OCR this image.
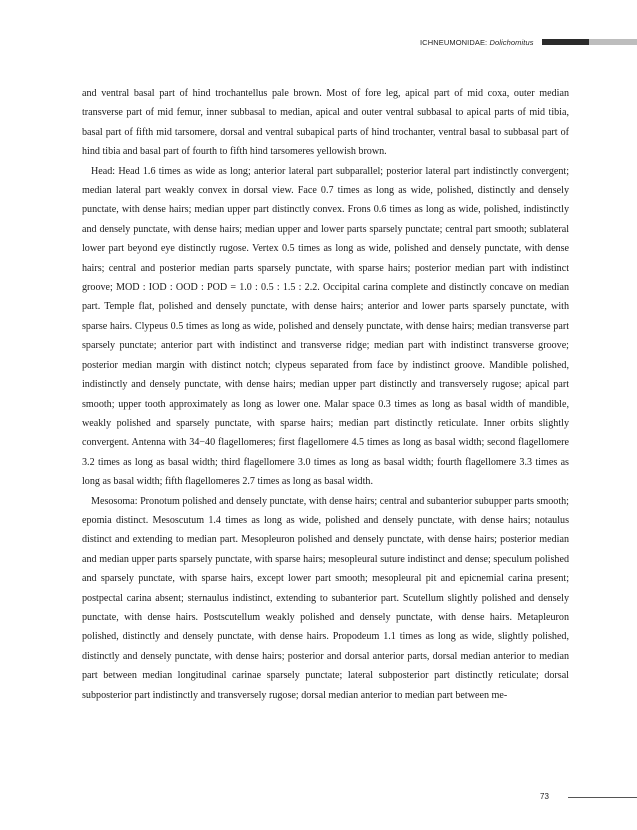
ICHNEUMONIDAE: Dolichomitus

and ventral basal part of hind trochantellus pale brown. Most of fore leg, apical part of mid coxa, outer median transverse part of mid femur, inner subbasal to median, apical and outer ventral subbasal to apical parts of mid tibia, basal part of fifth mid tarsomere, dorsal and ventral subapical parts of hind trochanter, ventral basal to subbasal part of hind tibia and basal part of fourth to fifth hind tarsomeres yellowish brown.

Head: Head 1.6 times as wide as long; anterior lateral part subparallel; posterior lateral part indistinctly convergent; median lateral part weakly convex in dorsal view. Face 0.7 times as long as wide, polished, distinctly and densely punctate, with dense hairs; median upper part distinctly convex. Frons 0.6 times as long as wide, polished, indistinctly and densely punctate, with dense hairs; median upper and lower parts sparsely punctate; central part smooth; sublateral lower part beyond eye distinctly rugose. Vertex 0.5 times as long as wide, polished and densely punctate, with dense hairs; central and posterior median parts sparsely punctate, with sparse hairs; posterior median part with indistinct groove; MOD : IOD : OOD : POD = 1.0 : 0.5 : 1.5 : 2.2. Occipital carina complete and distinctly concave on median part. Temple flat, polished and densely punctate, with dense hairs; anterior and lower parts sparsely punctate, with sparse hairs. Clypeus 0.5 times as long as wide, polished and densely punctate, with dense hairs; median transverse part sparsely punctate; anterior part with indistinct and transverse ridge; median part with indistinct transverse groove; posterior median margin with distinct notch; clypeus separated from face by indistinct groove. Mandible polished, indistinctly and densely punctate, with dense hairs; median upper part distinctly and transversely rugose; apical part smooth; upper tooth approximately as long as lower one. Malar space 0.3 times as long as basal width of mandible, weakly polished and sparsely punctate, with sparse hairs; median part distinctly reticulate. Inner orbits slightly convergent. Antenna with 34−40 flagellomeres; first flagellomere 4.5 times as long as basal width; second flagellomere 3.2 times as long as basal width; third flagellomere 3.0 times as long as basal width; fourth flagellomere 3.3 times as long as basal width; fifth flagellomeres 2.7 times as long as basal width.

Mesosoma: Pronotum polished and densely punctate, with dense hairs; central and subanterior subupper parts smooth; epomia distinct. Mesoscutum 1.4 times as long as wide, polished and densely punctate, with dense hairs; notaulus distinct and extending to median part. Mesopleuron polished and densely punctate, with dense hairs; posterior median and median upper parts sparsely punctate, with sparse hairs; mesopleural suture indistinct and dense; speculum polished and sparsely punctate, with sparse hairs, except lower part smooth; mesopleural pit and epicnemial carina present; postpectal carina absent; sternaulus indistinct, extending to subanterior part. Scutellum slightly polished and densely punctate, with dense hairs. Postscutellum weakly polished and densely punctate, with dense hairs. Metapleuron polished, distinctly and densely punctate, with dense hairs. Propodeum 1.1 times as long as wide, slightly polished, distinctly and densely punctate, with dense hairs; posterior and dorsal anterior parts, dorsal median anterior to median part between median longitudinal carinae sparsely punctate; lateral subposterior part distinctly reticulate; dorsal subposterior part indistinctly and transversely rugose; dorsal median anterior to median part between me-

73
